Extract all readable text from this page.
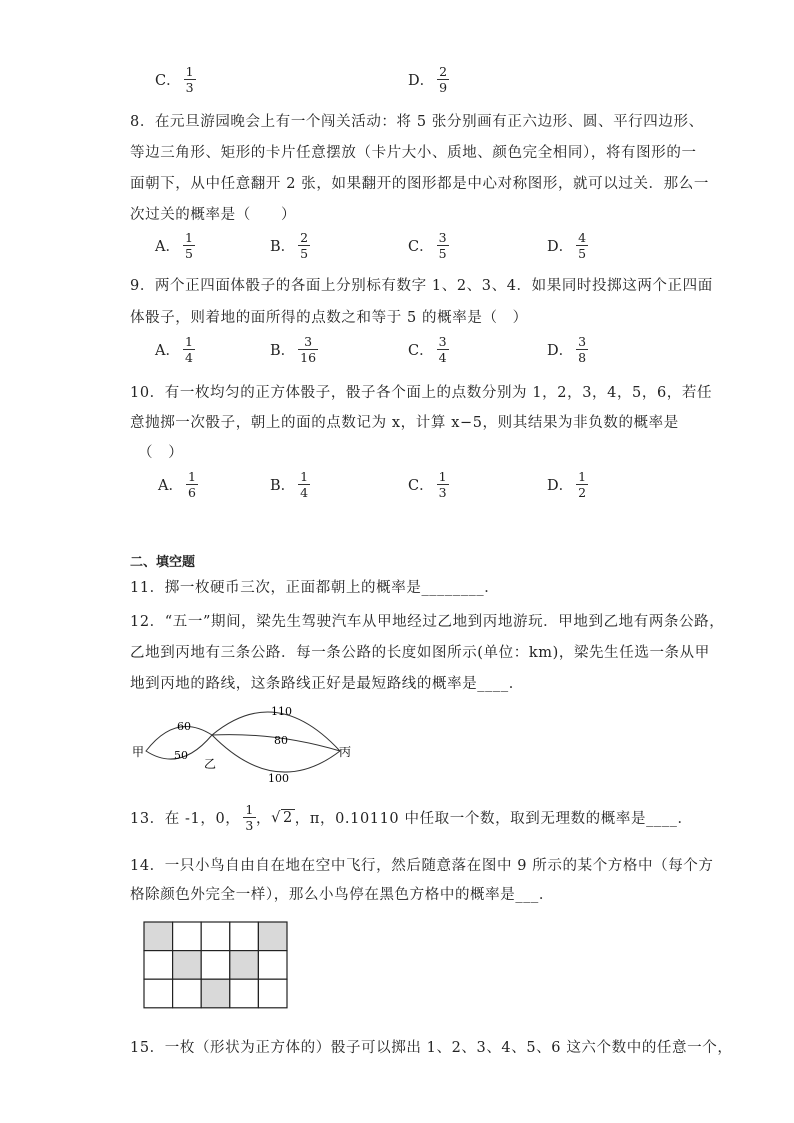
C． $\frac{1}{3}$	D． $\frac{2}{9}$
8．在元旦游园晚会上有一个闯关活动：将 5 张分别画有正六边形、圆、平行四边形、
等边三角形、矩形的卡片任意摆放（卡片大小、质地、颜色完全相同），将有图形的一
面朝下，从中任意翻开 2 张，如果翻开的图形都是中心对称图形，就可以过关．那么一
次过关的概率是（　　）
A． $\frac{1}{5}$	B． $\frac{2}{5}$	C． $\frac{3}{5}$	D． $\frac{4}{5}$
9．两个正四面体骰子的各面上分别标有数字 1、2、3、4．如果同时投掷这两个正四面
体骰子，则着地的面所得的点数之和等于 5 的概率是（　）
A． $\frac{1}{4}$	B． $\frac{3}{16}$	C． $\frac{3}{4}$	D． $\frac{3}{8}$
10．有一枚均匀的正方体骰子，骰子各个面上的点数分别为 1，2，3，4，5，6，若任
意抛掷一次骰子，朝上的面的点数记为 x，计算 x−5，则其结果为非负数的概率是
（　）
A． $\frac{1}{6}$	B． $\frac{1}{4}$	C． $\frac{1}{3}$	D． $\frac{1}{2}$
二、填空题
11．掷一枚硬币三次，正面都朝上的概率是________．
12．“五一”期间，梁先生驾驶汽车从甲地经过乙地到丙地游玩．甲地到乙地有两条公路，
乙地到丙地有三条公路．每一条公路的长度如图所示(单位：km)，梁先生任选一条从甲
地到丙地的路线，这条路线正好是最短路线的概率是____．
甲
乙
丙
60
50
110
80
100
13．在 -1，0， $\frac{1}{3}$ ， √ 2 ，π，0.10110 中任取一个数，取到无理数的概率是____．
14．一只小鸟自由自在地在空中飞行，然后随意落在图中 9 所示的某个方格中（每个方
格除颜色外完全一样），那么小鸟停在黑色方格中的概率是___．
15．一枚（形状为正方体的）骰子可以掷出 1、2、3、4、5、6 这六个数中的任意一个，
